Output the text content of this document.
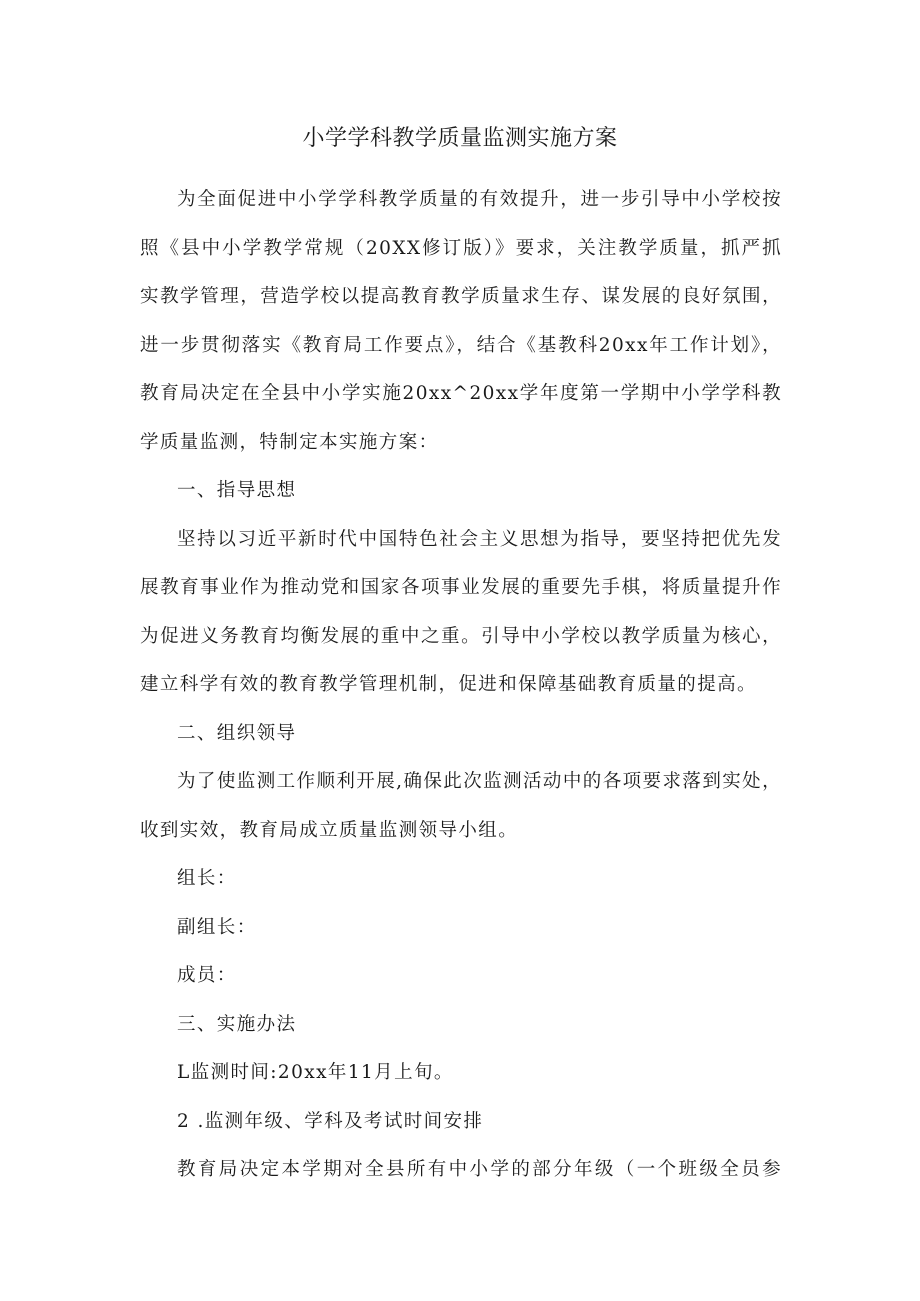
小学学科教学质量监测实施方案

为全面促进中小学学科教学质量的有效提升，进一步引导中小学校按照《县中小学教学常规（20XX修订版）》要求，关注教学质量，抓严抓实教学管理，营造学校以提高教育教学质量求生存、谋发展的良好氛围，进一步贯彻落实《教育局工作要点》，结合《基教科20xx年工作计划》，教育局决定在全县中小学实施20xx^20xx学年度第一学期中小学学科教学质量监测，特制定本实施方案：

一、指导思想

坚持以习近平新时代中国特色社会主义思想为指导，要坚持把优先发展教育事业作为推动党和国家各项事业发展的重要先手棋，将质量提升作为促进义务教育均衡发展的重中之重。引导中小学校以教学质量为核心，建立科学有效的教育教学管理机制，促进和保障基础教育质量的提高。

二、组织领导

为了使监测工作顺利开展,确保此次监测活动中的各项要求落到实处，收到实效，教育局成立质量监测领导小组。

组长：

副组长：

成员：

三、实施办法

L监测时间:20xx年11月上旬。

2 .监测年级、学科及考试时间安排

教育局决定本学期对全县所有中小学的部分年级（一个班级全员参
